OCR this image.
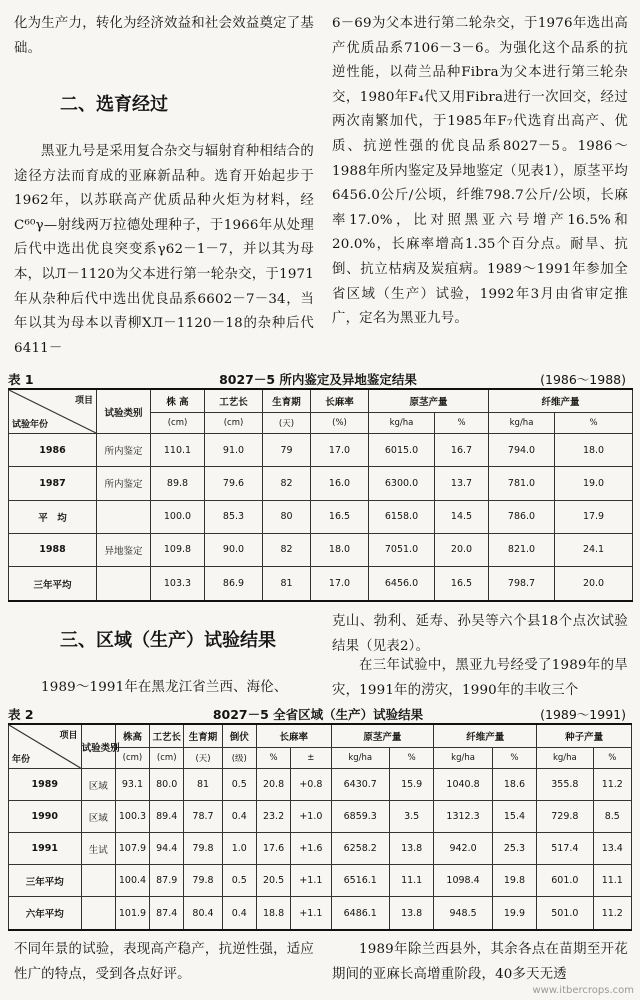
化为生产力，转化为经济效益和社会效益奠定了基础。

二、选育经过

黑亚九号是采用复合杂交与辐射育种相结合的途径方法而育成的亚麻新品种。选育开始起步于1962年，以苏联高产优质品种火炬为材料，经C⁶⁰γ—射线两万拉德处理种子，于1966年从处理后代中选出优良突变系γ62－1－7，并以其为母本，以Л－1120为父本进行第一轮杂交，于1971年从杂种后代中选出优良品系6602－7－34，当年以其为母本以青柳ХЛ－1120－18的杂种后代6411－

6－69为父本进行第二轮杂交，于1976年选出高产优质品系7106－3－6。为强化这个品系的抗逆性能，以荷兰品种Fibra为父本进行第三轮杂交，1980年F₄代又用Fibra进行一次回交，经过两次南繁加代，于1985年F₇代选育出高产、优质、抗逆性强的优良品系8027－5。1986～1988年所内鉴定及异地鉴定（见表1），原茎平均6456.0公斤/公顷，纤维798.7公斤/公顷，长麻率17.0%，比对照黑亚六号增产16.5%和20.0%，长麻率增高1.35个百分点。耐旱、抗倒、抗立枯病及炭疽病。1989～1991年参加全省区域（生产）试验，1992年3月由省审定推广，定名为黑亚九号。

表 1	8027－5 所内鉴定及异地鉴定结果	(1986～1988)
项目
试验年份	试验类别	株 高	工艺长	生育期	长麻率	原茎产量		纤维产量	
		(cm)	(cm)	(天)	(%)	kg/ha	%	kg/ha	%
1986	所内鉴定	110.1	91.0	79	17.0	6015.0	16.7	794.0	18.0
1987	所内鉴定	89.8	79.6	82	16.0	6300.0	13.7	781.0	19.0
平　均		100.0	85.3	80	16.5	6158.0	14.5	786.0	17.9
1988	异地鉴定	109.8	90.0	82	18.0	7051.0	20.0	821.0	24.1
三年平均		103.3	86.9	81	17.0	6456.0	16.5	798.7	20.0
三、区域（生产）试验结果

1989～1991年在黑龙江省兰西、海伦、

克山、勃利、延寿、孙吴等六个县18个点次试验结果（见表2）。

在三年试验中，黑亚九号经受了1989年的旱灾，1991年的涝灾，1990年的丰收三个

表 2	8027－5 全省区域（生产）试验结果	(1989～1991)
项目
年份	试验类别	株高	工艺长	生育期	倒伏	长麻率		原茎产量		纤维产量		种子产量	
		(cm)	(cm)	(天)	(级)	%	±	kg/ha	%	kg/ha	%	kg/ha	%
1989	区域	93.1	80.0	81	0.5	20.8	+0.8	6430.7	15.9	1040.8	18.6	355.8	11.2
1990	区域	100.3	89.4	78.7	0.4	23.2	+1.0	6859.3	3.5	1312.3	15.4	729.8	8.5
1991	生试	107.9	94.4	79.8	1.0	17.6	+1.6	6258.2	13.8	942.0	25.3	517.4	13.4
三年平均		100.4	87.9	79.8	0.5	20.5	+1.1	6516.1	11.1	1098.4	19.8	601.0	11.1
六年平均		101.9	87.4	80.4	0.4	18.8	+1.1	6486.1	13.8	948.5	19.9	501.0	11.2

不同年景的试验，表现高产稳产，抗逆性强，适应性广的特点，受到各点好评。

1989年除兰西县外，其余各点在苗期至开花期间的亚麻长高增重阶段，40多天无透

www.itbercrops.com
